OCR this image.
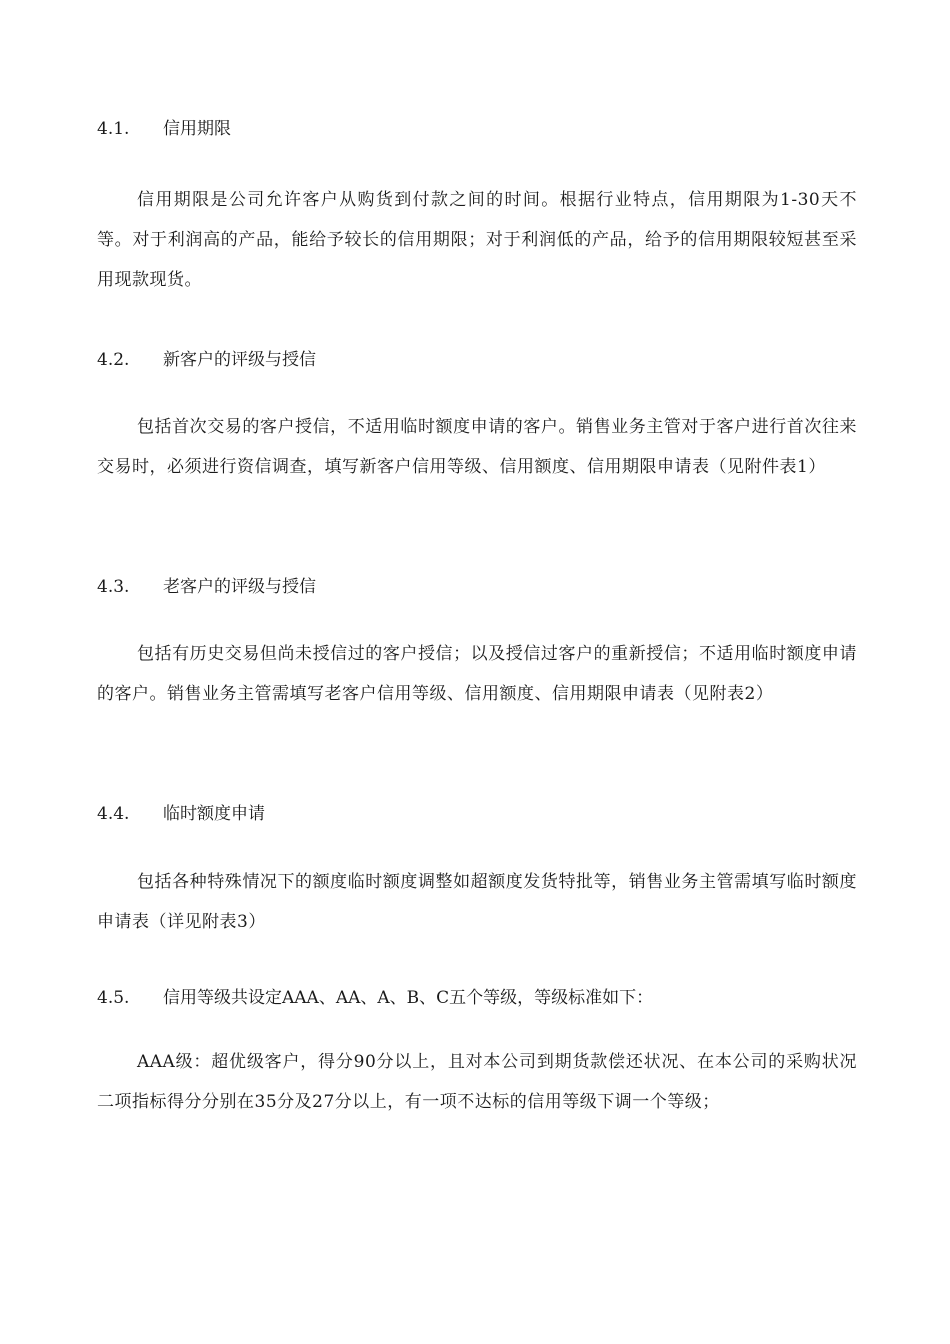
4.1. 信用期限

信用期限是公司允许客户从购货到付款之间的时间。根据行业特点，信用期限为1-30天不等。对于利润高的产品，能给予较长的信用期限；对于利润低的产品，给予的信用期限较短甚至采用现款现货。

4.2. 新客户的评级与授信

包括首次交易的客户授信，不适用临时额度申请的客户。销售业务主管对于客户进行首次往来交易时，必须进行资信调查，填写新客户信用等级、信用额度、信用期限申请表（见附件表1）

4.3. 老客户的评级与授信

包括有历史交易但尚未授信过的客户授信；以及授信过客户的重新授信；不适用临时额度申请的客户。销售业务主管需填写老客户信用等级、信用额度、信用期限申请表（见附表2）

4.4. 临时额度申请

包括各种特殊情况下的额度临时额度调整如超额度发货特批等，销售业务主管需填写临时额度申请表（详见附表3）

4.5. 信用等级共设定AAA、AA、A、B、C五个等级，等级标准如下：

AAA级：超优级客户，得分90分以上，且对本公司到期货款偿还状况、在本公司的采购状况二项指标得分分别在35分及27分以上，有一项不达标的信用等级下调一个等级；
